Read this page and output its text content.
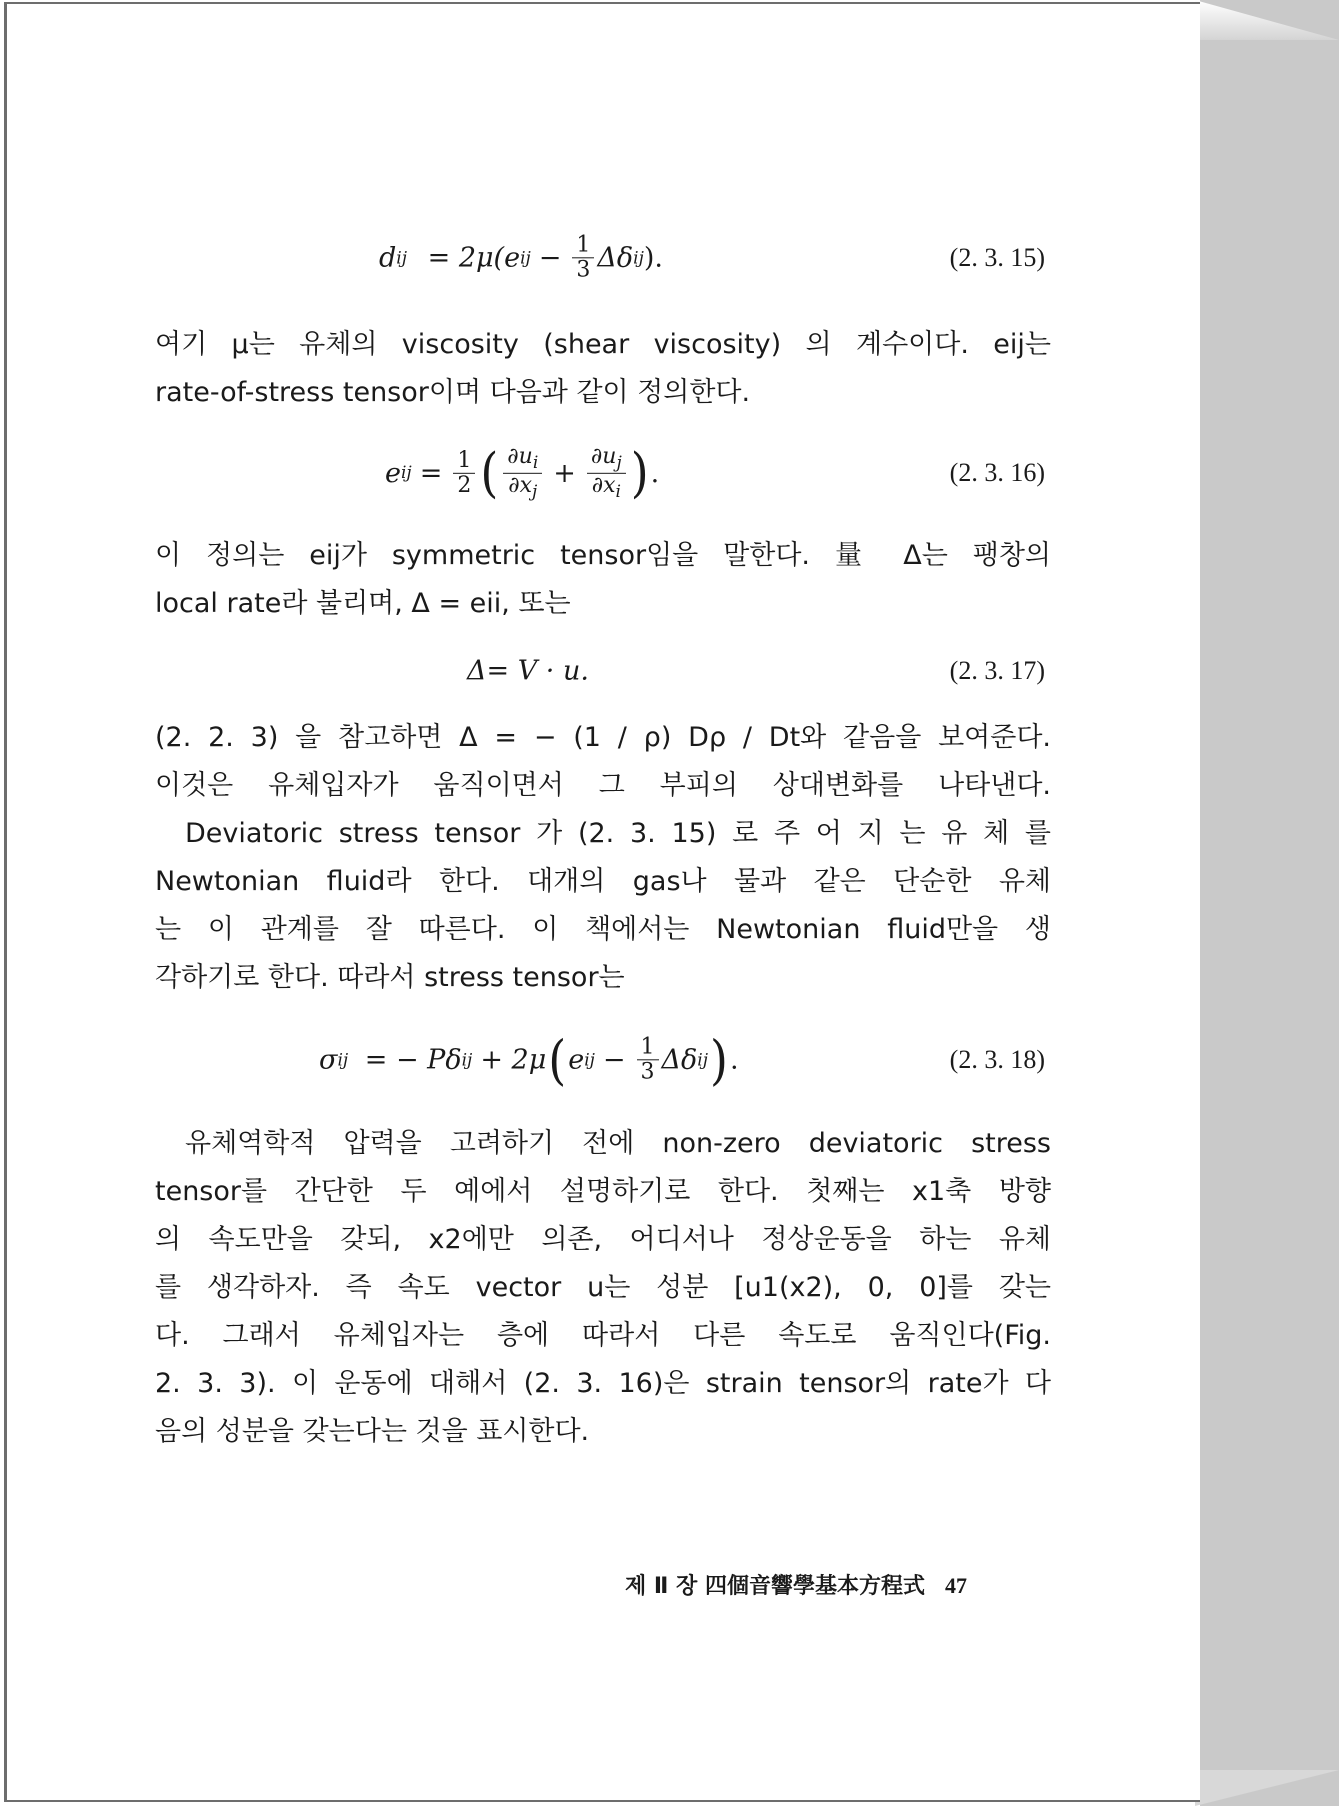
d ij
= 2μ(e ij − $\frac{1}{3}$ Δδ ij ).	(2. 3. 15)
여기 μ는 유체의 viscosity (shear viscosity) 의 계수이다. eij는
rate-of-stress tensor이며 다음과 같이 정의한다.
e ij = $\frac{1}{2}$ ( $\frac{\partial u_i}{\partial x_j} + \frac{\partial u_j}{\partial x_i}$ ) .	(2. 3. 16)
이 정의는 eij가 symmetric tensor임을 말한다. 量 Δ는 팽창의
local rate라 불리며, Δ = eii, 또는
Δ= V · u.	(2. 3. 17)
(2. 2. 3) 을 참고하면 Δ = − (1 / ρ) Dρ / Dt와 같음을 보여준다.
이것은 유체입자가 움직이면서 그 부피의 상대변화를 나타낸다.
Deviatoric stress tensor 가 (2. 3. 15) 로 주 어 지 는 유 체 를
Newtonian fluid라 한다. 대개의 gas나 물과 같은 단순한 유체
는 이 관계를 잘 따른다. 이 책에서는 Newtonian fluid만을 생
각하기로 한다. 따라서 stress tensor는
σ ij
= − Pδ ij + 2μ ( e ij − $\frac{1}{3}$ Δδ ij ) .	(2. 3. 18)
유체역학적 압력을 고려하기 전에 non-zero deviatoric stress
tensor를 간단한 두 예에서 설명하기로 한다. 첫째는 x1축 방향
의 속도만을 갖되, x2에만 의존, 어디서나 정상운동을 하는 유체
를 생각하자. 즉 속도 vector u는 성분 [u1(x2), 0, 0]를 갖는
다. 그래서 유체입자는 층에 따라서 다른 속도로 움직인다(Fig.
2. 3. 3). 이 운동에 대해서 (2. 3. 16)은 strain tensor의 rate가 다
음의 성분을 갖는다는 것을 표시한다.
제 Ⅱ 장 四個音響學基本方程式 47
